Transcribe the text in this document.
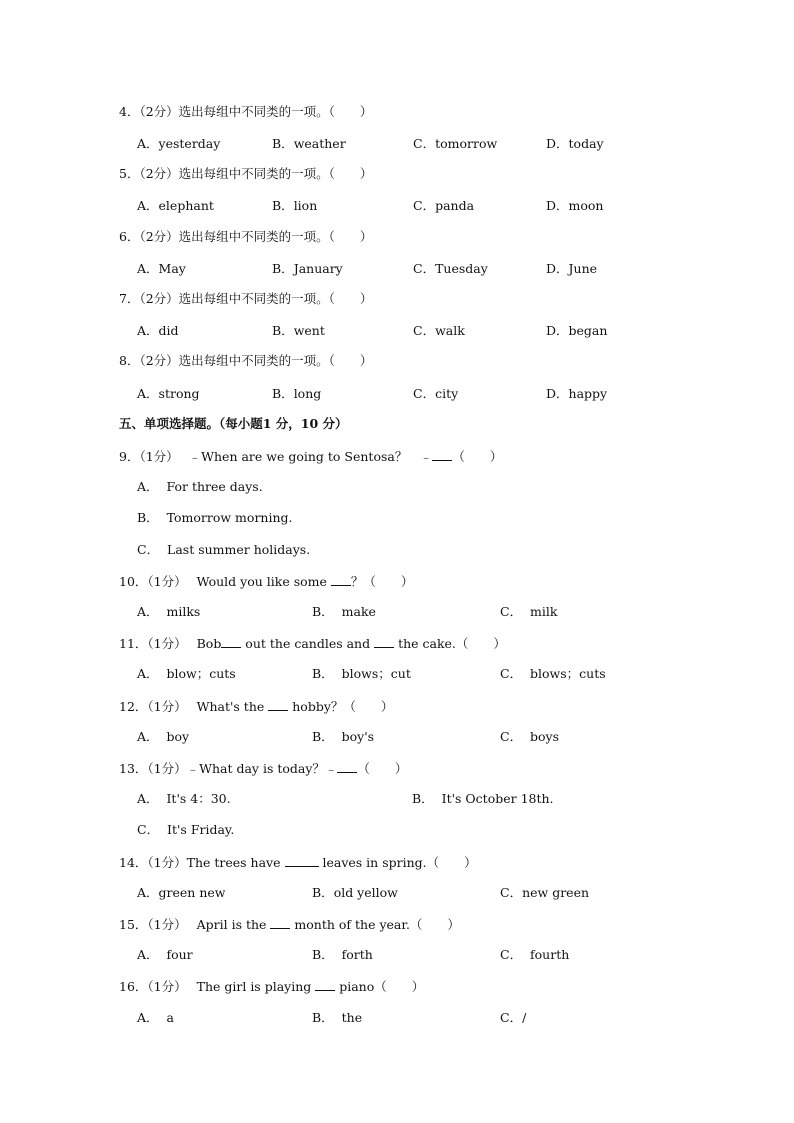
4．（2分）选出每组中不同类的一项。（　　）
A．yesterday	B．weather	C．tomorrow	D．today
5．（2分）选出每组中不同类的一项。（　　）
A．elephant	B．lion	C．panda	D．moon
6．（2分）选出每组中不同类的一项。（　　）
A．May	B．January	C．Tuesday	D．June
7．（2分）选出每组中不同类的一项。（　　）
A．did	B．went	C．walk	D．began
8．（2分）选出每组中不同类的一项。（　　）
A．strong	B．long	C．city	D．happy
五、单项选择题。（每小题1 分，10 分）
9．（1分） ﹣When are we going to Sentosa？　﹣ （　　）
A． For three days.
B． Tomorrow morning.
C． Last summer holidays.
10．（1分） Would you like some ？（　　）
A． milks	B． make	C． milk
11．（1分） Bob out the candles and  the cake.（　　）
A． blow；cuts	B． blows；cut	C． blows；cuts
12．（1分） What's the  hobby？（　　）
A． boy	B． boy's	C． boys
13．（1分）﹣What day is today？﹣ （　　）
A． It's 4：30.	B． It's October 18th.
C． It's Friday.
14．（1分）The trees have	leaves in spring.（　　）
A．green new	B．old yellow	C．new green
15．（1分） April is the  month of the year.（　　）
A． four	B． forth	C． fourth
16．（1分） The girl is playing  piano（　　）
A． a	B． the	C．/
